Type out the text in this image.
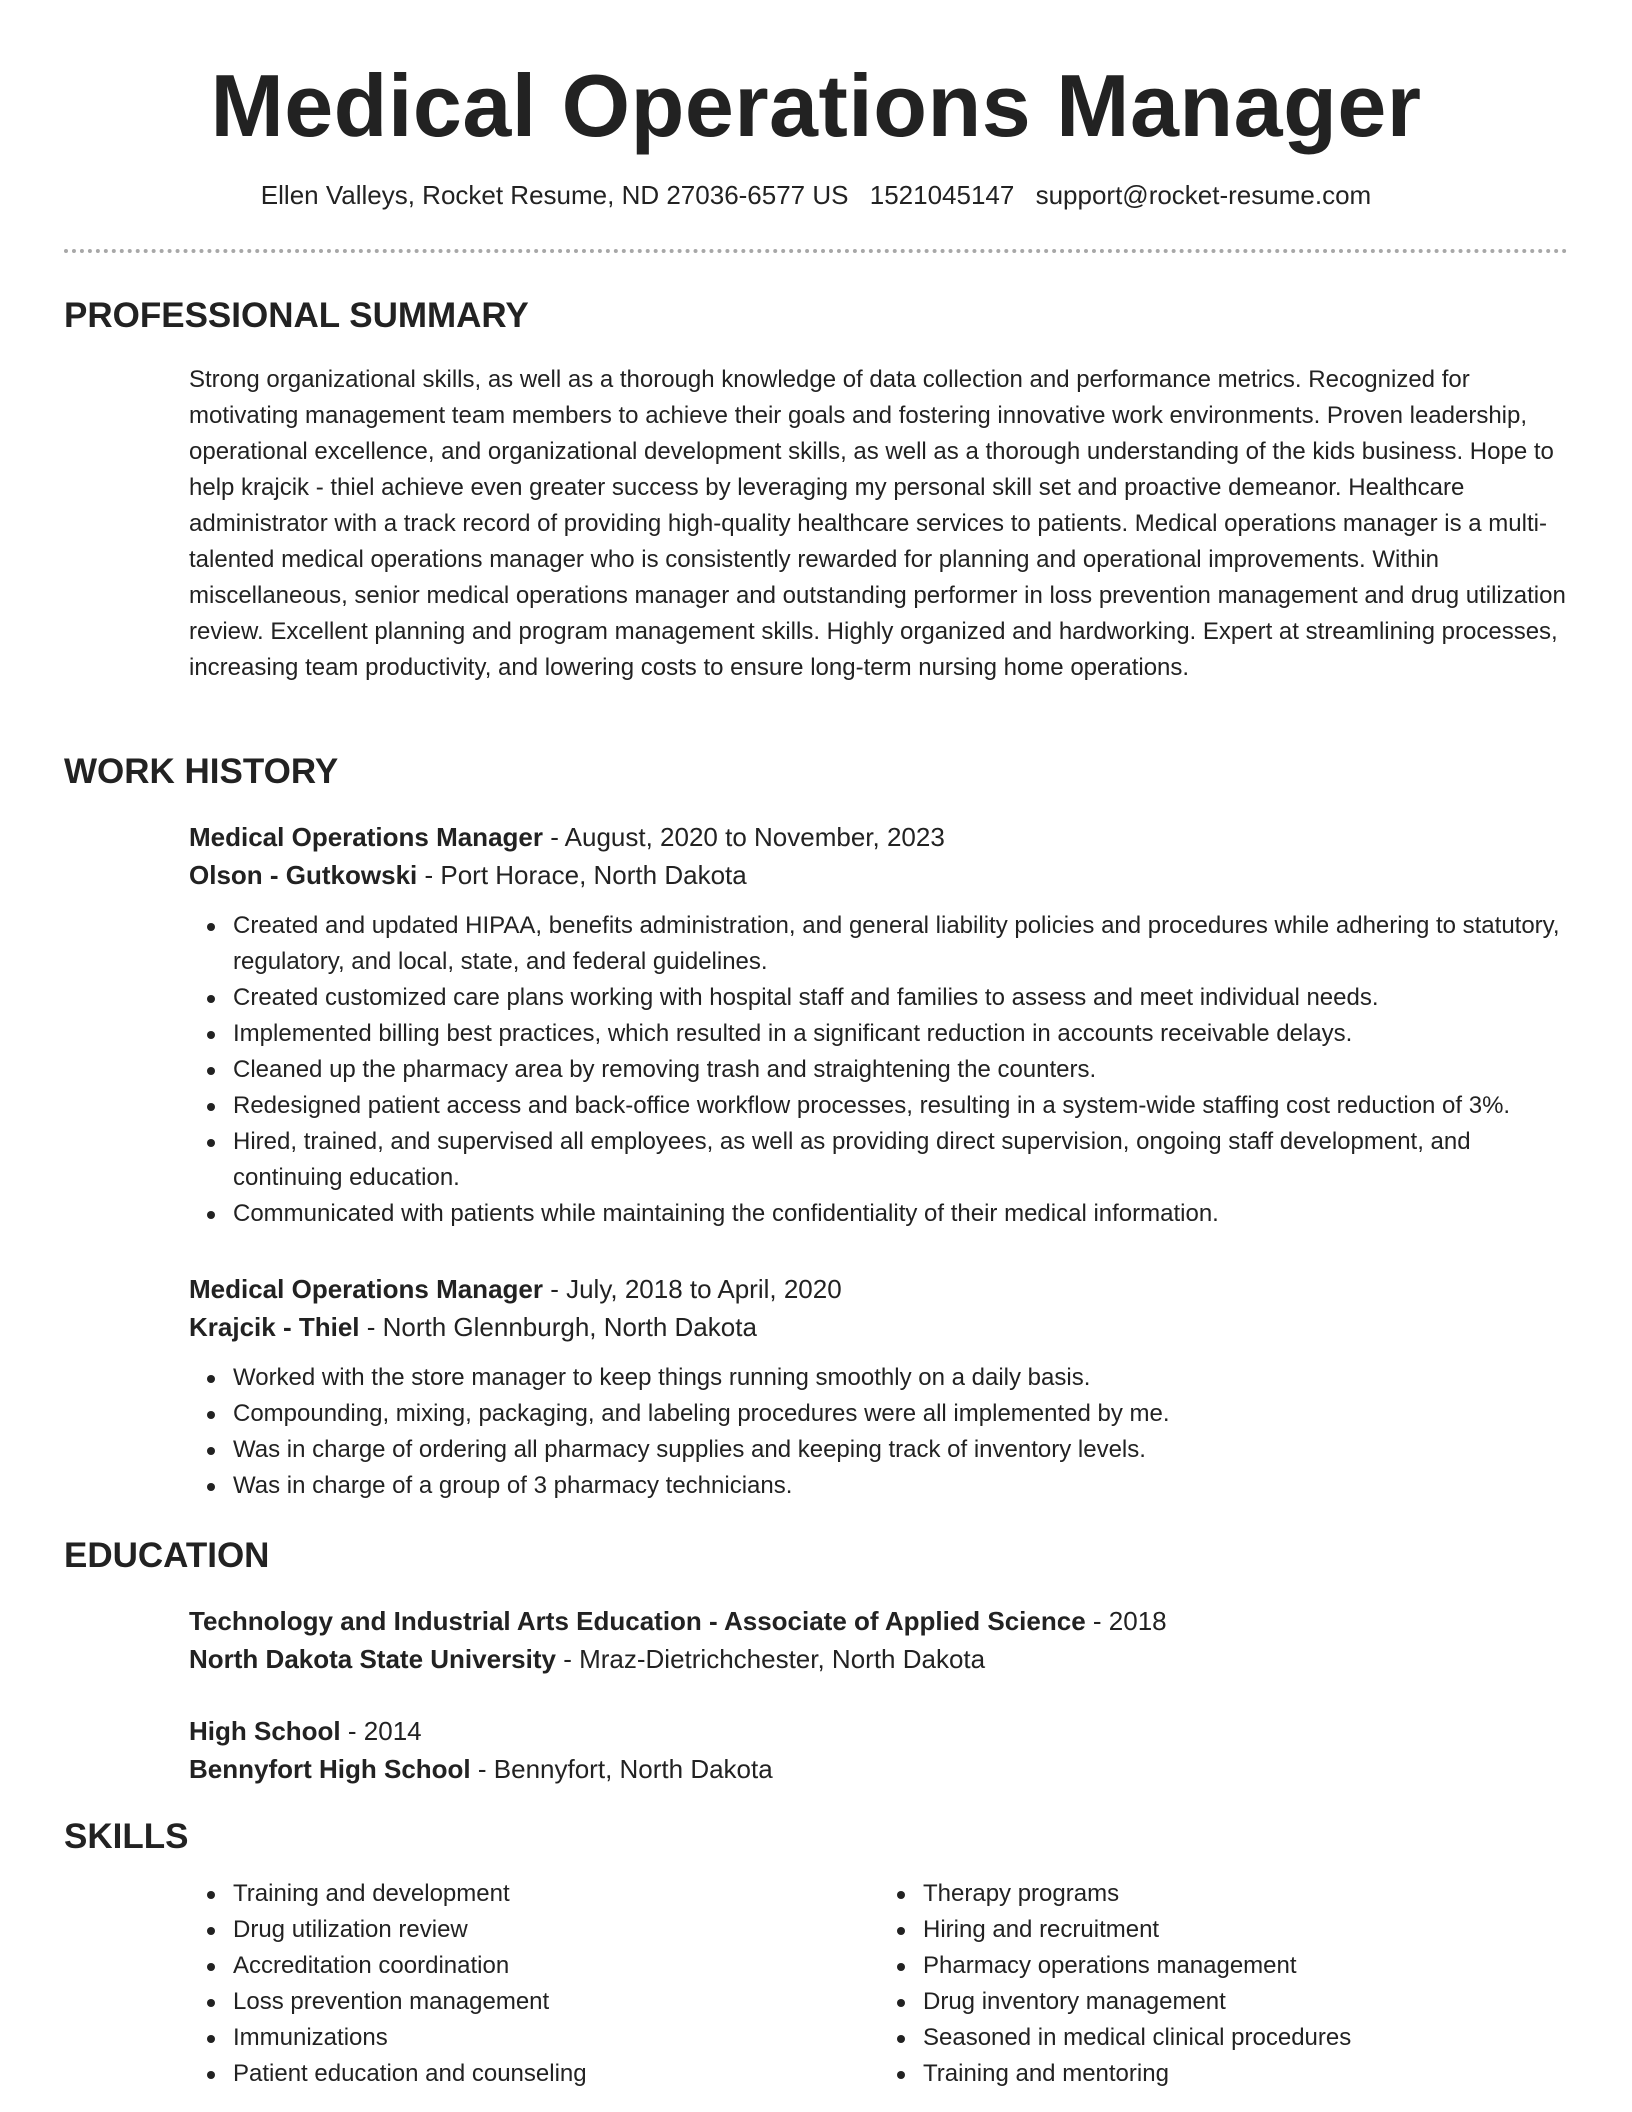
Medical Operations Manager
Ellen Valleys, Rocket Resume, ND 27036-6577 US 1521045147 support@rocket-resume.com
PROFESSIONAL SUMMARY

Strong organizational skills, as well as a thorough knowledge of data collection and performance metrics. Recognized for motivating management team members to achieve their goals and fostering innovative work environments. Proven leadership, operational excellence, and organizational development skills, as well as a thorough understanding of the kids business. Hope to help krajcik - thiel achieve even greater success by leveraging my personal skill set and proactive demeanor. Healthcare administrator with a track record of providing high-quality healthcare services to patients. Medical operations manager is a multi-talented medical operations manager who is consistently rewarded for planning and operational improvements. Within miscellaneous, senior medical operations manager and outstanding performer in loss prevention management and drug utilization review. Excellent planning and program management skills. Highly organized and hardworking. Expert at streamlining processes, increasing team productivity, and lowering costs to ensure long-term nursing home operations.

WORK HISTORY

Medical Operations Manager - August, 2020 to November, 2023

Olson - Gutkowski - Port Horace, North Dakota

Created and updated HIPAA, benefits administration, and general liability policies and procedures while adhering to statutory, regulatory, and local, state, and federal guidelines.
Created customized care plans working with hospital staff and families to assess and meet individual needs.
Implemented billing best practices, which resulted in a significant reduction in accounts receivable delays.
Cleaned up the pharmacy area by removing trash and straightening the counters.
Redesigned patient access and back-office workflow processes, resulting in a system-wide staffing cost reduction of 3%.
Hired, trained, and supervised all employees, as well as providing direct supervision, ongoing staff development, and continuing education.
Communicated with patients while maintaining the confidentiality of their medical information.

Medical Operations Manager - July, 2018 to April, 2020

Krajcik - Thiel - North Glennburgh, North Dakota

Worked with the store manager to keep things running smoothly on a daily basis.
Compounding, mixing, packaging, and labeling procedures were all implemented by me.
Was in charge of ordering all pharmacy supplies and keeping track of inventory levels.
Was in charge of a group of 3 pharmacy technicians.
EDUCATION

Technology and Industrial Arts Education - Associate of Applied Science - 2018

North Dakota State University - Mraz-Dietrichchester, North Dakota

High School - 2014

Bennyfort High School - Bennyfort, North Dakota

SKILLS
Training and development
Drug utilization review
Accreditation coordination
Loss prevention management
Immunizations
Patient education and counseling
Therapy programs
Hiring and recruitment
Pharmacy operations management
Drug inventory management
Seasoned in medical clinical procedures
Training and mentoring
